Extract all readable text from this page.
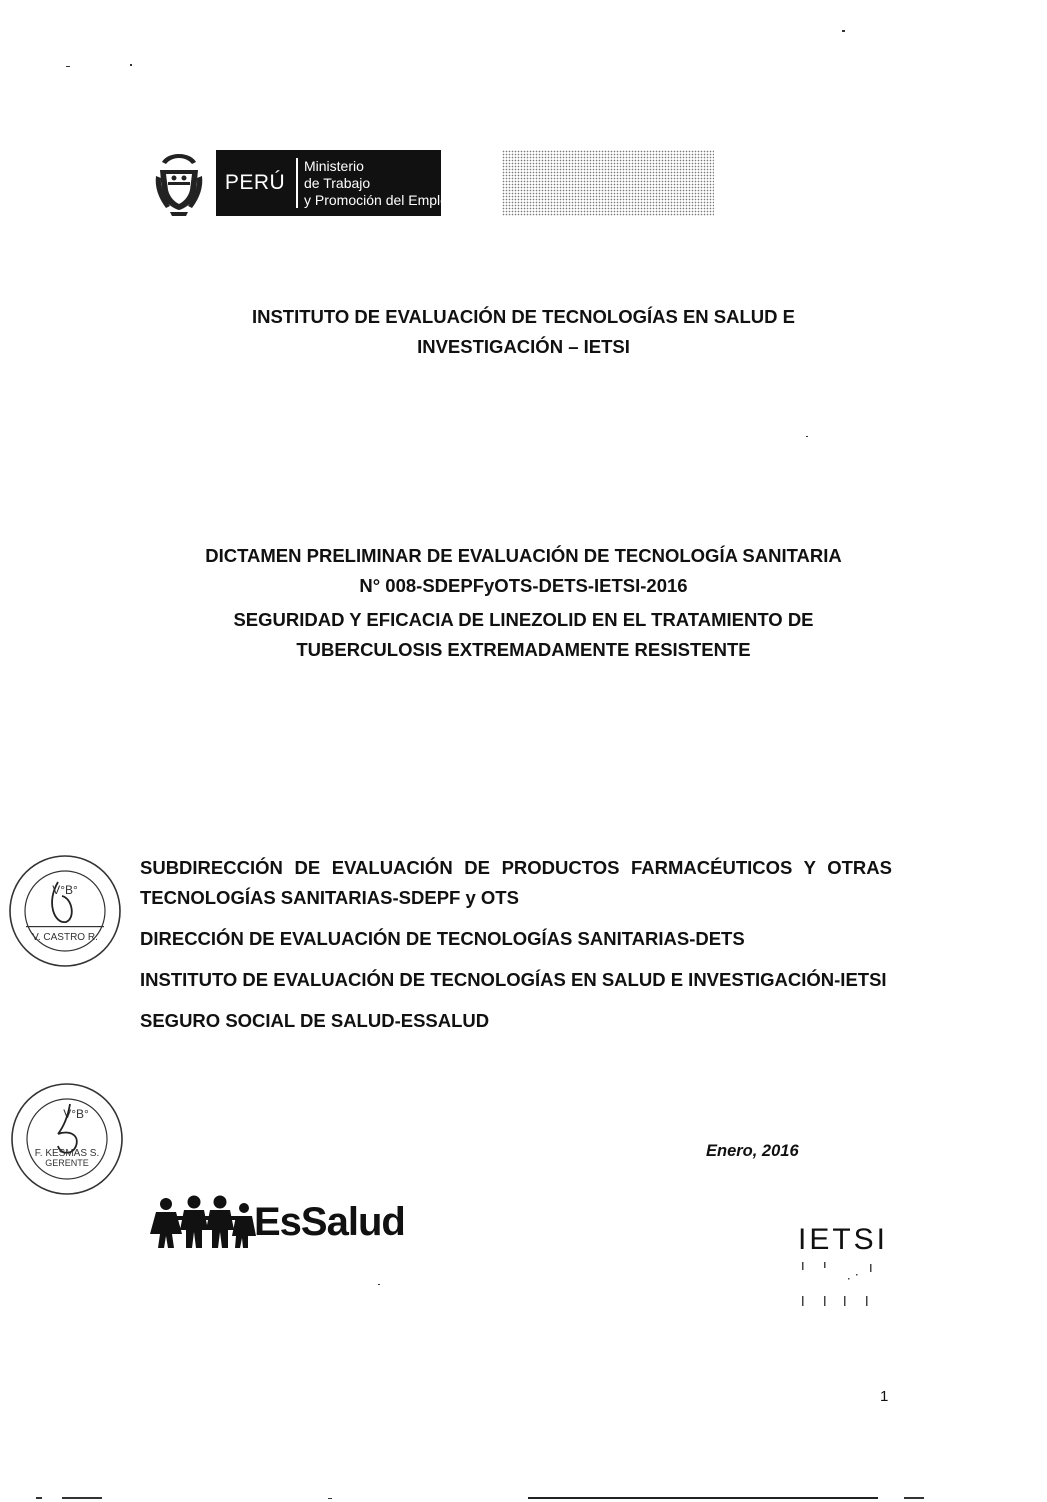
PERÚ
Ministerio
de Trabajo
y Promoción del Empleo
INSTITUTO DE EVALUACIÓN DE TECNOLOGÍAS EN SALUD E
INVESTIGACIÓN – IETSI
DICTAMEN PRELIMINAR DE EVALUACIÓN DE TECNOLOGÍA SANITARIA
N° 008-SDEPFyOTS-DETS-IETSI-2016
SEGURIDAD Y EFICACIA DE LINEZOLID EN EL TRATAMIENTO DE
TUBERCULOSIS EXTREMADAMENTE RESISTENTE
SUBDIRECCIÓN DE EVALUACIÓN DE PRODUCTOS FARMACÉUTICOS Y OTRAS TECNOLOGÍAS SANITARIAS-SDEPF y OTS
DIRECCIÓN DE EVALUACIÓN DE TECNOLOGÍAS SANITARIAS-DETS
INSTITUTO DE EVALUACIÓN DE TECNOLOGÍAS EN SALUD E INVESTIGACIÓN-IETSI
SEGURO SOCIAL DE SALUD-ESSALUD
V°B°
V. CASTRO R.
V°B°
F. KESMAS S.
GERENTE
Enero, 2016
EsSalud	IETSI
1
